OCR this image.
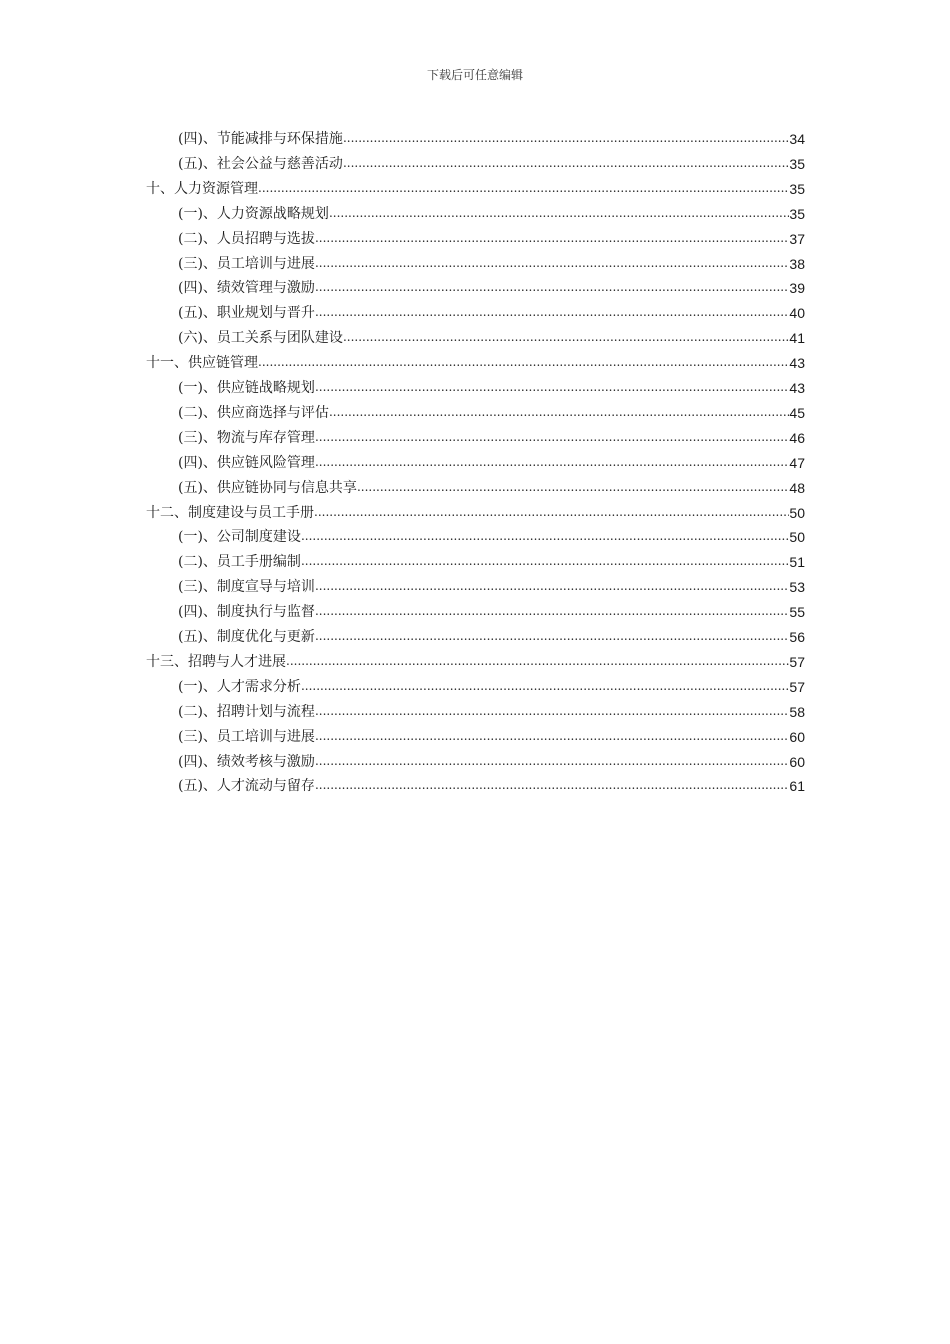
下载后可任意编辑
(四)、节能减排与环保措施 .....	34
(五)、社会公益与慈善活动 .....	35
十、人力资源管理 .....	35
(一)、人力资源战略规划 .....	35
(二)、人员招聘与选拔 .....	37
(三)、员工培训与进展 .....	38
(四)、绩效管理与激励 .....	39
(五)、职业规划与晋升 .....	40
(六)、员工关系与团队建设 .....	41
十一、供应链管理 .....	43
(一)、供应链战略规划 .....	43
(二)、供应商选择与评估 .....	45
(三)、物流与库存管理 .....	46
(四)、供应链风险管理 .....	47
(五)、供应链协同与信息共享 .....	48
十二、制度建设与员工手册 .....	50
(一)、公司制度建设 .....	50
(二)、员工手册编制 .....	51
(三)、制度宣导与培训 .....	53
(四)、制度执行与监督 .....	55
(五)、制度优化与更新 .....	56
十三、招聘与人才进展 .....	57
(一)、人才需求分析 .....	57
(二)、招聘计划与流程 .....	58
(三)、员工培训与进展 .....	60
(四)、绩效考核与激励 .....	60
(五)、人才流动与留存 .....	61
